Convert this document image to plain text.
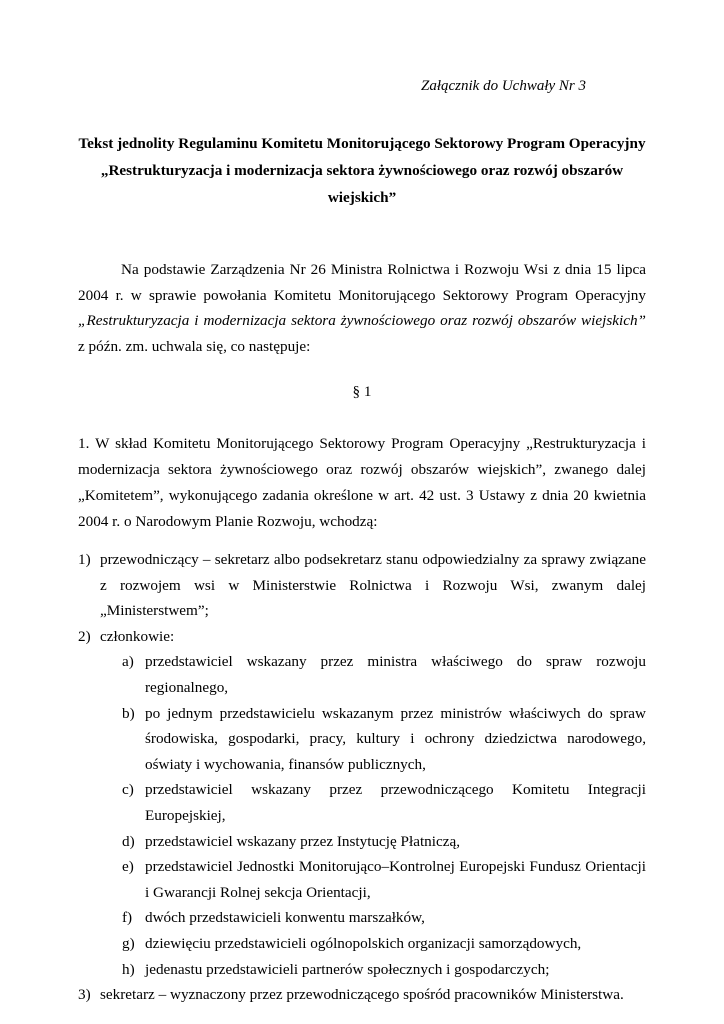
Załącznik do Uchwały Nr 3
Tekst jednolity Regulaminu Komitetu Monitorującego Sektorowy Program Operacyjny
„Restrukturyzacja i modernizacja sektora żywnościowego oraz rozwój obszarów
wiejskich”

Na podstawie Zarządzenia Nr 26 Ministra Rolnictwa i Rozwoju Wsi z dnia 15 lipca 2004 r. w sprawie powołania Komitetu Monitorującego Sektorowy Program Operacyjny „Restrukturyzacja i modernizacja sektora żywnościowego oraz rozwój obszarów wiejskich” z późn. zm. uchwala się, co następuje:

§ 1

1. W skład Komitetu Monitorującego Sektorowy Program Operacyjny „Restrukturyzacja i modernizacja sektora żywnościowego oraz rozwój obszarów wiejskich”, zwanego dalej „Komitetem”, wykonującego zadania określone w art. 42 ust. 3 Ustawy z dnia 20 kwietnia 2004 r. o Narodowym Planie Rozwoju, wchodzą:

1) przewodniczący – sekretarz albo podsekretarz stanu odpowiedzialny za sprawy związane z rozwojem wsi w Ministerstwie Rolnictwa i Rozwoju Wsi, zwanym dalej „Ministerstwem”;
2) członkowie:
a) przedstawiciel wskazany przez ministra właściwego do spraw rozwoju regionalnego,
b) po jednym przedstawicielu wskazanym przez ministrów właściwych do spraw środowiska, gospodarki, pracy, kultury i ochrony dziedzictwa narodowego, oświaty i wychowania, finansów publicznych,
c) przedstawiciel wskazany przez przewodniczącego Komitetu Integracji Europejskiej,
d) przedstawiciel wskazany przez Instytucję Płatniczą,
e) przedstawiciel Jednostki Monitorująco–Kontrolnej Europejski Fundusz Orientacji i Gwarancji Rolnej sekcja Orientacji,
f) dwóch przedstawicieli konwentu marszałków,
g) dziewięciu przedstawicieli ogólnopolskich organizacji samorządowych,
h) jedenastu przedstawicieli partnerów społecznych i gospodarczych;
3) sekretarz – wyznaczony przez przewodniczącego spośród pracowników Ministerstwa.
